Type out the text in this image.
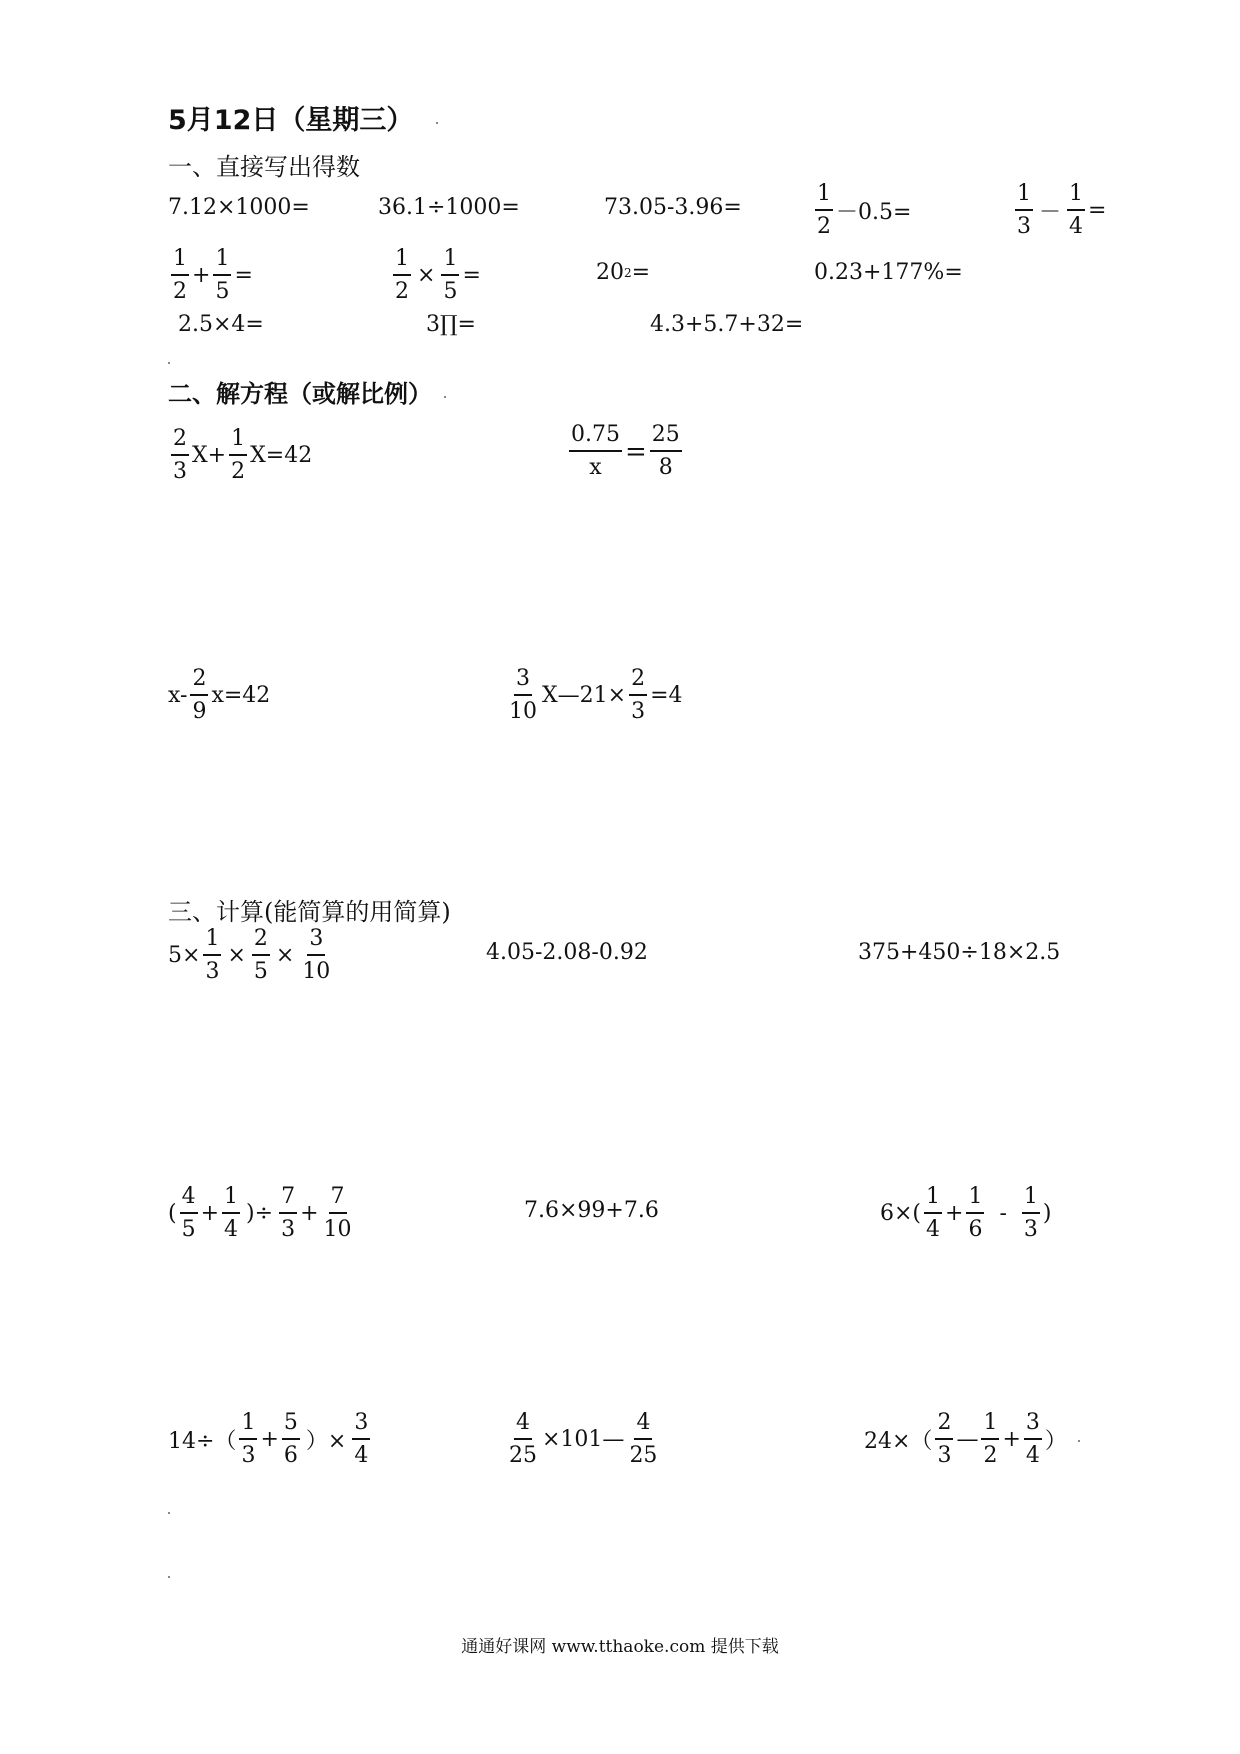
5月12日（星期三）
一、直接写出得数
7.12×1000=	36.1÷1000=	73.05-3.96=	$\frac{1}{2} -0.5=$	$\frac{1}{3} - \frac{1}{4}$ =
$\frac{1}{2} + \frac{1}{5}$ =	$\frac{1}{2} \times \frac{1}{5}$ =	20 2 =	0.23+177%=
2.5×4=	3∏=	4.3+5.7+32=
二、解方程（或解比例）
$\frac{2}{3} X+ \frac{1}{2} X=42$	$\frac{0.75}{x} = \frac{25}{8}$
$x- \frac{2}{9} x=42$	$\frac{3}{10}$ X—21× $\frac{2}{3} =4$
三、计算(能简算的用简算)
$5\times \frac{1}{3} \times \frac{2}{5} \times \frac{3}{10}$	4.05-2.08-0.92	375+450÷18×2.5
( $\frac{4}{5} + \frac{1}{4}$ )÷ $\frac{7}{3} + \frac{7}{10}$	7.6×99+7.6	$6\times( \frac{1}{4} + \frac{1}{6} - \frac{1}{3}$ )
$14\div( \frac{1}{3} + \frac{5}{6}$ ）× $\frac{3}{4}$	$\frac{4}{25}$ ×101— $\frac{4}{25}$	$24\times( \frac{2}{3}$ — $\frac{1}{2} + \frac{3}{4}$ ）
通通好课网 www.tthaoke.com 提供下载
